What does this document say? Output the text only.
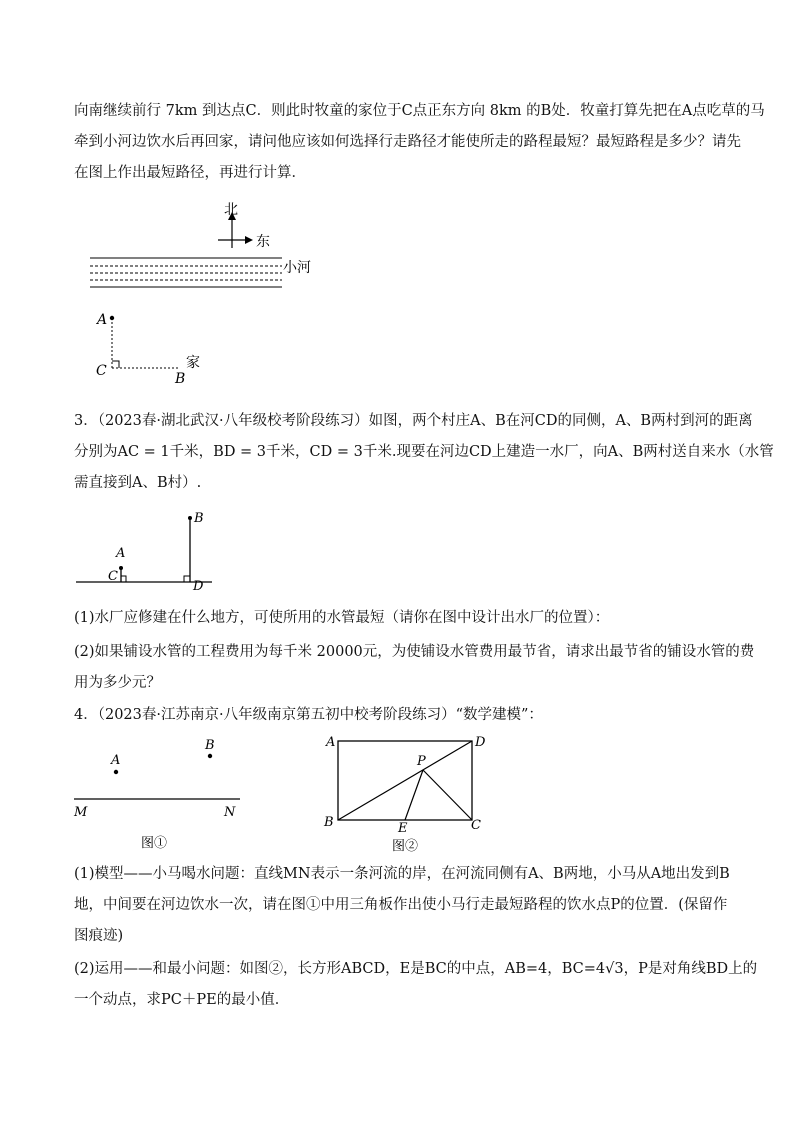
向南继续前行 7km 到达点C．则此时牧童的家位于C点正东方向 8km 的B处．牧童打算先把在A点吃草的马
牵到小河边饮水后再回家，请问他应该如何选择行走路径才能使所走的路程最短？最短路程是多少？请先
在图上作出最短路径，再进行计算．
北
东
小河
A
C	B
家
3．（2023春·湖北武汉·八年级校考阶段练习）如图，两个村庄A、B在河CD的同侧，A、B两村到河的距离
分别为AC = 1千米，BD = 3千米，CD = 3千米.现要在河边CD上建造一水厂，向A、B两村送自来水（水管
需直接到A、B村）.
A
B
C
D
(1)水厂应修建在什么地方，可使所用的水管最短（请你在图中设计出水厂的位置）：
(2)如果铺设水管的工程费用为每千米 20000元，为使铺设水管费用最节省，请求出最节省的铺设水管的费
用为多少元？
4．（2023春·江苏南京·八年级南京第五初中校考阶段练习）“数学建模”：
A
B
M	N
图①
A	D
B	C
P
E
图②
(1)模型——小马喝水问题：直线MN表示一条河流的岸，在河流同侧有A、B两地，小马从A地出发到B
地，中间要在河边饮水一次，请在图①中用三角板作出使小马行走最短路程的饮水点P的位置．(保留作
图痕迹)
(2)运用——和最小问题：如图②，长方形ABCD，E是BC的中点，AB=4，BC=4√3，P是对角线BD上的
一个动点，求PC＋PE的最小值．
